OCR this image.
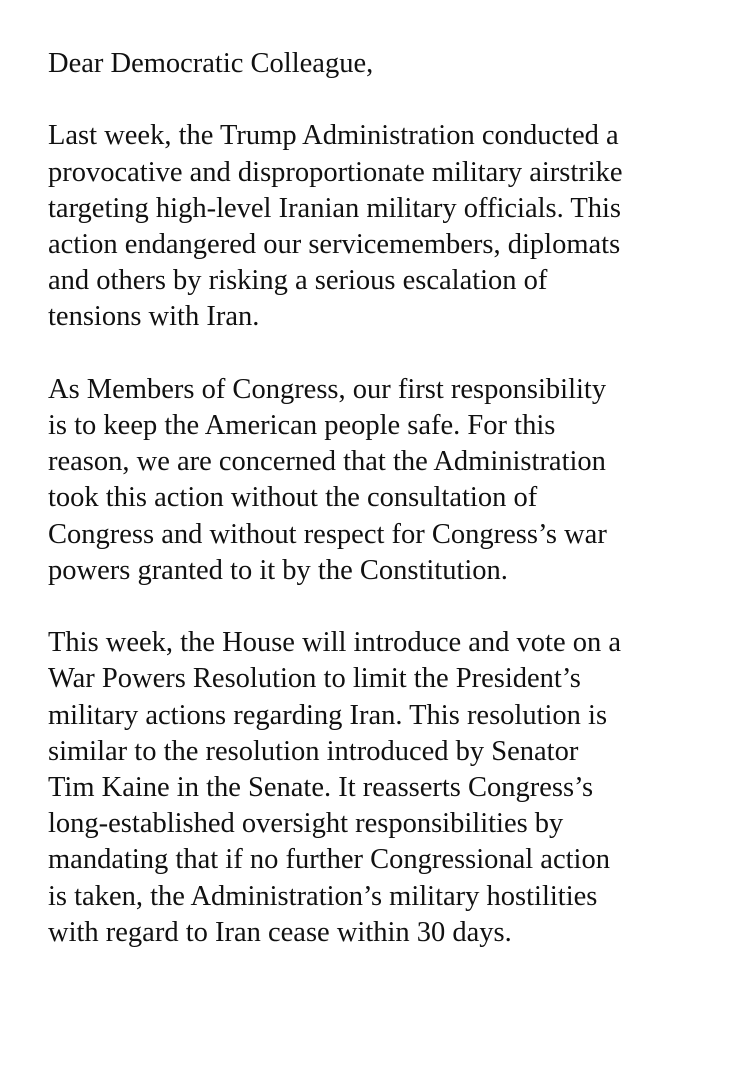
Dear Democratic Colleague,

Last week, the Trump Administration conducted a
provocative and disproportionate military airstrike
targeting high-level Iranian military officials. This
action endangered our servicemembers, diplomats
and others by risking a serious escalation of
tensions with Iran.

As Members of Congress, our first responsibility
is to keep the American people safe. For this
reason, we are concerned that the Administration
took this action without the consultation of
Congress and without respect for Congress’s war
powers granted to it by the Constitution.

This week, the House will introduce and vote on a
War Powers Resolution to limit the President’s
military actions regarding Iran. This resolution is
similar to the resolution introduced by Senator
Tim Kaine in the Senate. It reasserts Congress’s
long-established oversight responsibilities by
mandating that if no further Congressional action
is taken, the Administration’s military hostilities
with regard to Iran cease within 30 days.
